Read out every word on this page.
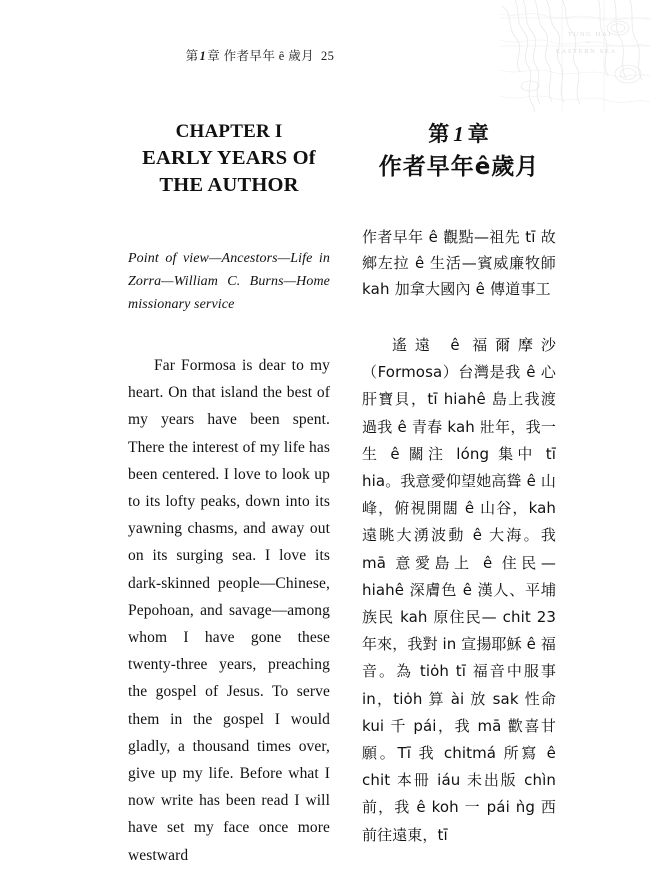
TUNG HAI
or
EASTERN SEA
第1章 作者早年 ê 歲月 25
CHAPTER I
EARLY YEARS Of
THE AUTHOR

Point of view—Ancestors—Life in Zorra—William C. Burns—Home missionary service

Far Formosa is dear to my heart. On that island the best of my years have been spent. There the interest of my life has been centered. I love to look up to its lofty peaks, down into its yawning chasms, and away out on its surging sea. I love its dark-skinned people—Chinese, Pepohoan, and savage—among whom I have gone these twenty-three years, preaching the gospel of Jesus. To serve them in the gospel I would gladly, a thousand times over, give up my life. Before what I now write has been read I will have set my face once more westward

第 1 章
作者早年ê歲月

作者早年 ê 觀點—祖先 tī 故鄉左拉 ê 生活—賓威廉牧師 kah 加拿大國內 ê 傳道事工

遙遠 ê 福爾摩沙（Formosa）台灣是我 ê 心肝寶貝，tī hiahê 島上我渡過我 ê 青春 kah 壯年，我一生 ê 關注 lóng 集中 tī hia。我意愛仰望她高聳 ê 山峰，俯視開闊 ê 山谷，kah 遠眺大湧波動 ê 大海。我 mā 意愛島上 ê 住民— hiahê 深膚色 ê 漢人、平埔族民 kah 原住民— chit 23 年來，我對 in 宣揚耶穌 ê 福音。為 tiȯh tī 福音中服事 in，tiȯh 算 ài 放 sak 性命 kui 千 pái，我 mā 歡喜甘願。Tī 我 chitmá 所寫 ê chit 本冊 iáu 未出版 chìn 前，我 ê koh 一 pái ǹg 西前往遠東，tī
